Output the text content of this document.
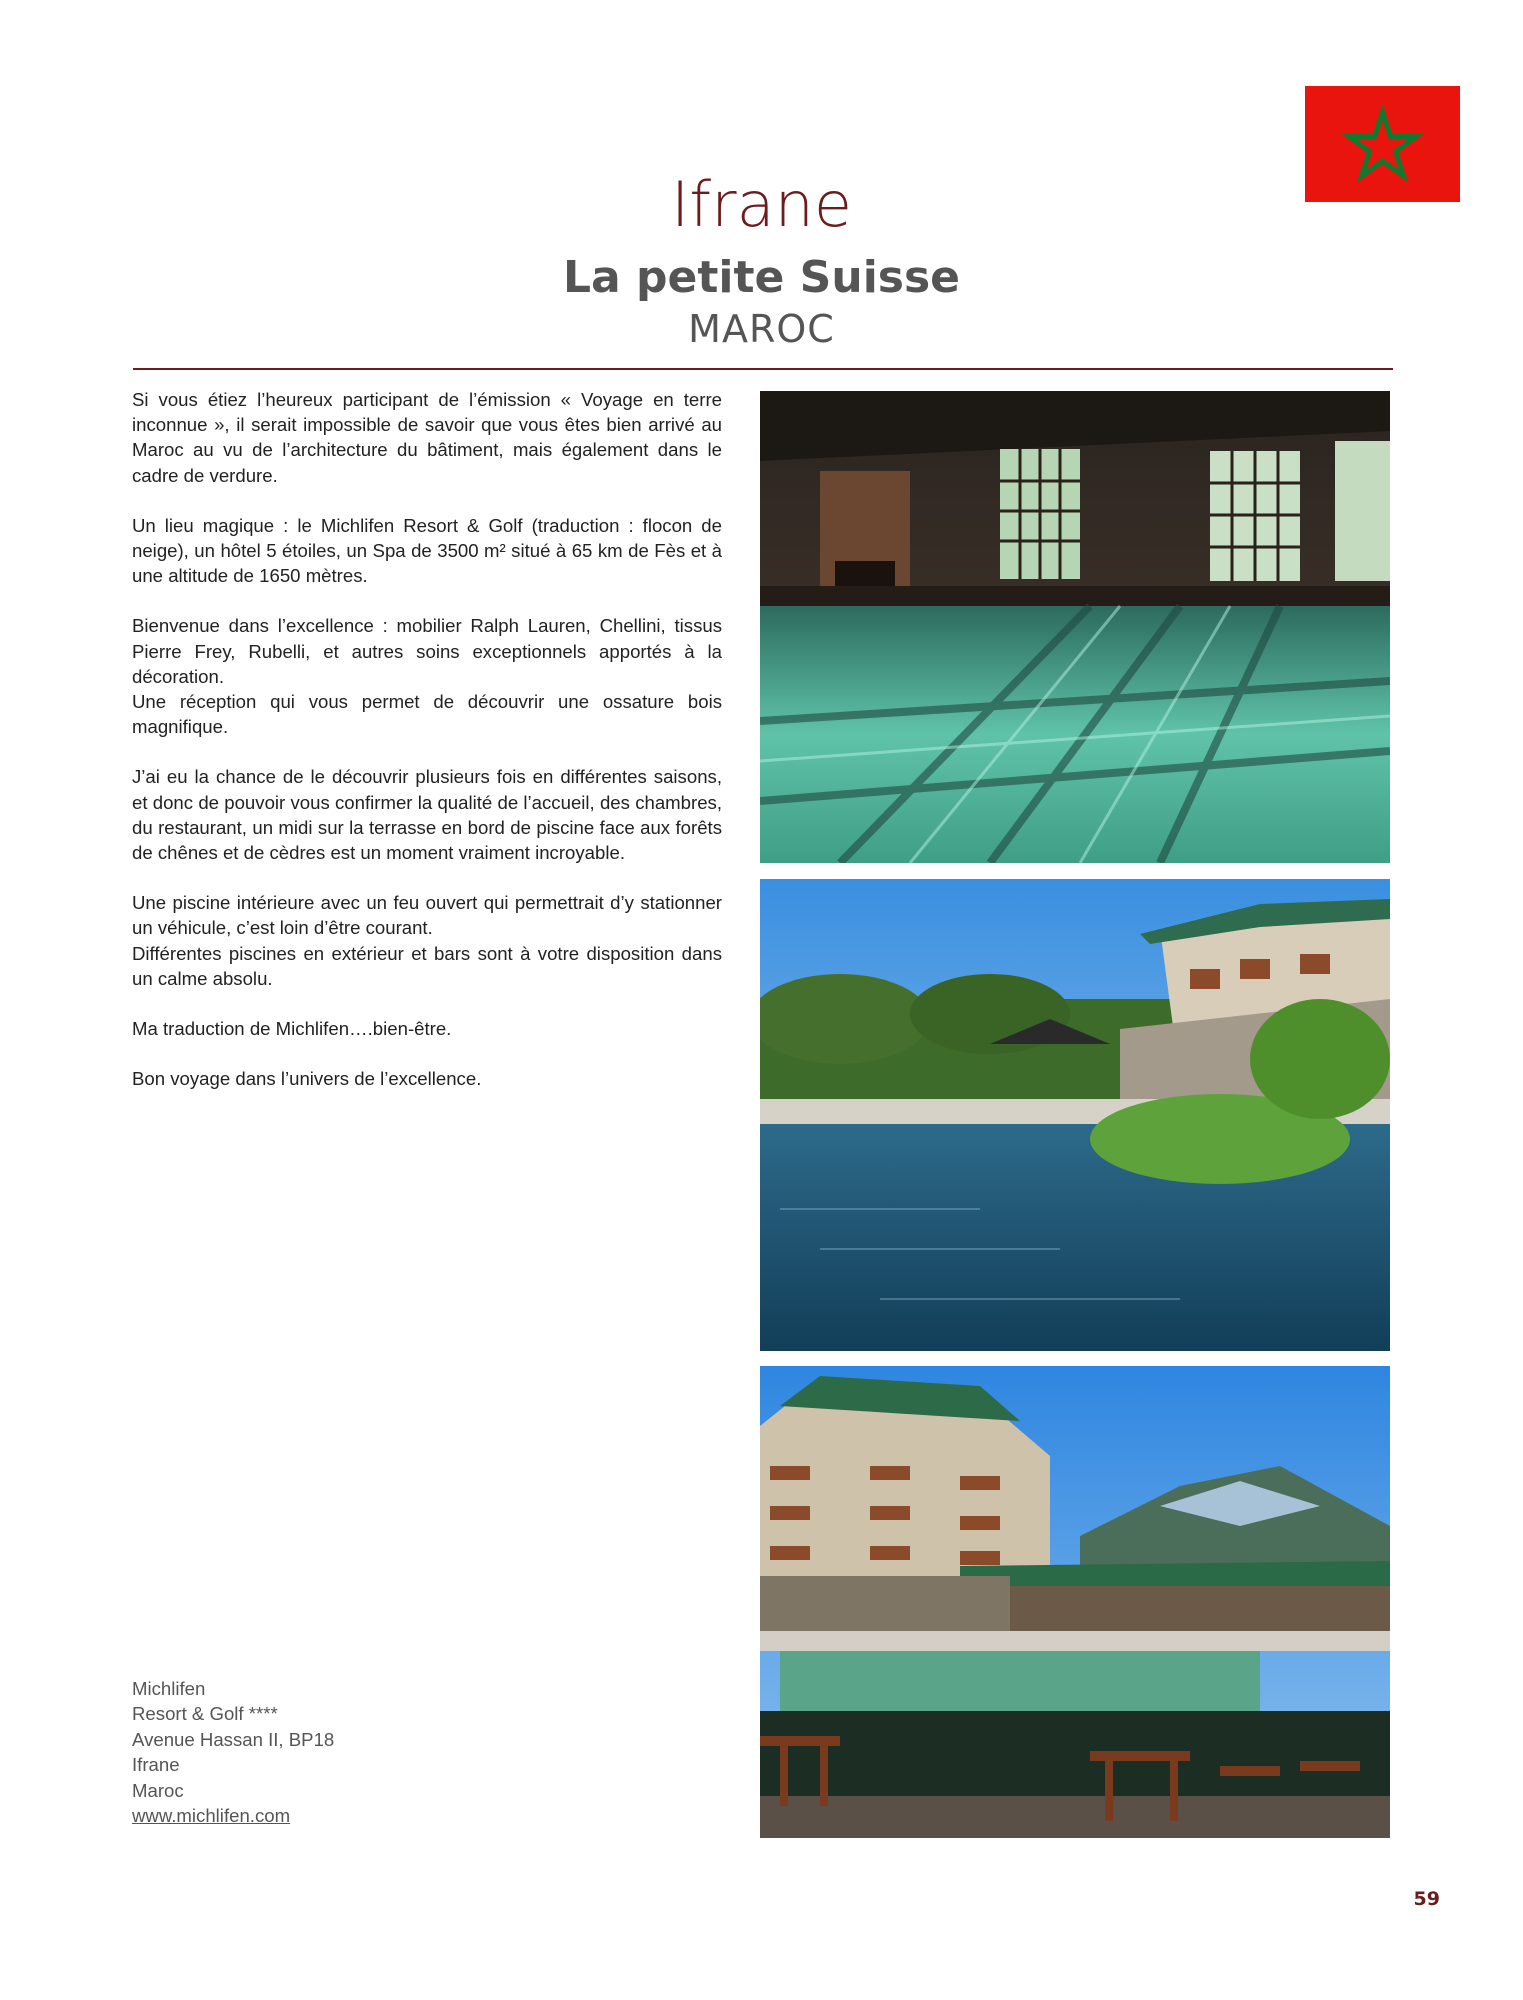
Ifrane
La petite Suisse
MAROC

Si vous étiez l’heureux participant de l’émission « Voyage en terre inconnue », il serait impossible de savoir que vous êtes bien arrivé au Maroc au vu de l’architecture du bâtiment, mais également dans le cadre de verdure.

Un lieu magique : le Michlifen Resort & Golf (traduction : flocon de neige), un hôtel 5 étoiles, un Spa de 3500 m² situé à 65 km de Fès et à une altitude de 1650 mètres.

Bienvenue dans l’excellence : mobilier Ralph Lauren, Chellini, tissus Pierre Frey, Rubelli, et autres soins exceptionnels apportés à la décoration.
Une réception qui vous permet de découvrir une ossature bois magnifique.

J’ai eu la chance de le découvrir plusieurs fois en différentes saisons, et donc de pouvoir vous confirmer la qualité de l’accueil, des chambres, du restaurant, un midi sur la terrasse en bord de piscine face aux forêts de chênes et de cèdres est un moment vraiment incroyable.

Une piscine intérieure avec un feu ouvert qui permettrait d’y stationner un véhicule, c’est loin d’être courant.
Différentes piscines en extérieur et bars sont à votre disposition dans un calme absolu.

Ma traduction de Michlifen….bien-être.

Bon voyage dans l’univers de l’excellence.

Michlifen
Resort & Golf ****
Avenue Hassan II, BP18
Ifrane
Maroc
www.michlifen.com
59
